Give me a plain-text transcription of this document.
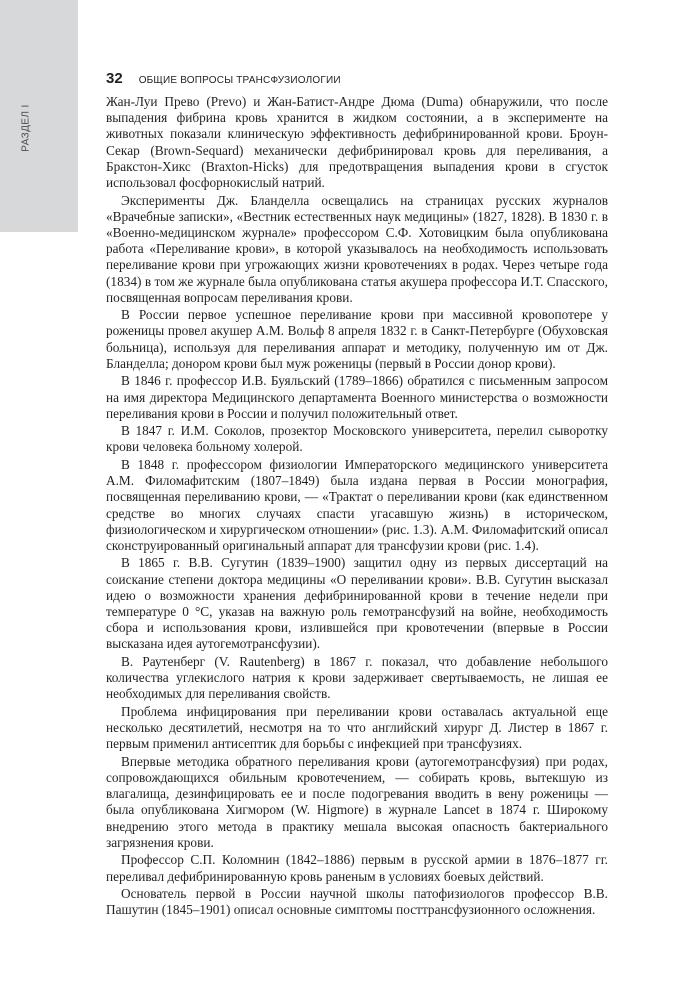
РАЗДЕЛ I
32 ОБЩИЕ ВОПРОСЫ ТРАНСФУЗИОЛОГИИ

Жан-Луи Прево (Prevo) и Жан-Батист-Андре Дюма (Duma) обнаружили, что после выпадения фибрина кровь хранится в жидком состоянии, а в эксперименте на животных показали клиническую эффективность дефибринированной крови. Броун-Секар (Brown-Sequard) механически дефибринировал кровь для переливания, а Бракстон-Хикс (Braxton-Hicks) для предотвращения выпадения крови в сгусток использовал фосфорнокислый натрий.

Эксперименты Дж. Бланделла освещались на страницах русских журналов «Врачебные записки», «Вестник естественных наук медицины» (1827, 1828). В 1830 г. в «Военно-медицинском журнале» профессором С.Ф. Хотовицким была опубликована работа «Переливание крови», в которой указывалось на необходимость использовать переливание крови при угрожающих жизни кровотечениях в родах. Через четыре года (1834) в том же журнале была опубликована статья акушера профессора И.Т. Спасского, посвященная вопросам переливания крови.

В России первое успешное переливание крови при массивной кровопотере у роженицы провел акушер А.М. Вольф 8 апреля 1832 г. в Санкт-Петербурге (Обуховская больница), используя для переливания аппарат и методику, полученную им от Дж. Бланделла; донором крови был муж роженицы (первый в России донор крови).

В 1846 г. профессор И.В. Буяльский (1789–1866) обратился с письменным запросом на имя директора Медицинского департамента Военного министерства о возможности переливания крови в России и получил положительный ответ.

В 1847 г. И.М. Соколов, прозектор Московского университета, перелил сыворотку крови человека больному холерой.

В 1848 г. профессором физиологии Императорского медицинского университета А.М. Филомафитским (1807–1849) была издана первая в России монография, посвященная переливанию крови, — «Трактат о переливании крови (как единственном средстве во многих случаях спасти угасавшую жизнь) в историческом, физиологическом и хирургическом отношении» (рис. 1.3). А.М. Филомафитский описал сконструированный оригинальный аппарат для трансфузии крови (рис. 1.4).

В 1865 г. В.В. Сугутин (1839–1900) защитил одну из первых диссертаций на соискание степени доктора медицины «О переливании крови». В.В. Сугутин высказал идею о возможности хранения дефибринированной крови в течение недели при температуре 0 °С, указав на важную роль гемотрансфузий на войне, необходимость сбора и использования крови, излившейся при кровотечении (впервые в России высказана идея аутогемотрансфузии).

В. Раутенберг (V. Rautenberg) в 1867 г. показал, что добавление небольшого количества углекислого натрия к крови задерживает свертываемость, не лишая ее необходимых для переливания свойств.

Проблема инфицирования при переливании крови оставалась актуальной еще несколько десятилетий, несмотря на то что английский хирург Д. Листер в 1867 г. первым применил антисептик для борьбы с инфекцией при трансфузиях.

Впервые методика обратного переливания крови (аутогемотрансфузия) при родах, сопровождающихся обильным кровотечением, — собирать кровь, вытекшую из влагалища, дезинфицировать ее и после подогревания вводить в вену роженицы — была опубликована Хигмором (W. Higmore) в журнале Lancet в 1874 г. Широкому внедрению этого метода в практику мешала высокая опасность бактериального загрязнения крови.

Профессор С.П. Коломнин (1842–1886) первым в русской армии в 1876–1877 гг. переливал дефибринированную кровь раненым в условиях боевых действий.

Основатель первой в России научной школы патофизиологов профессор В.В. Пашутин (1845–1901) описал основные симптомы посттрансфузионного осложнения.
